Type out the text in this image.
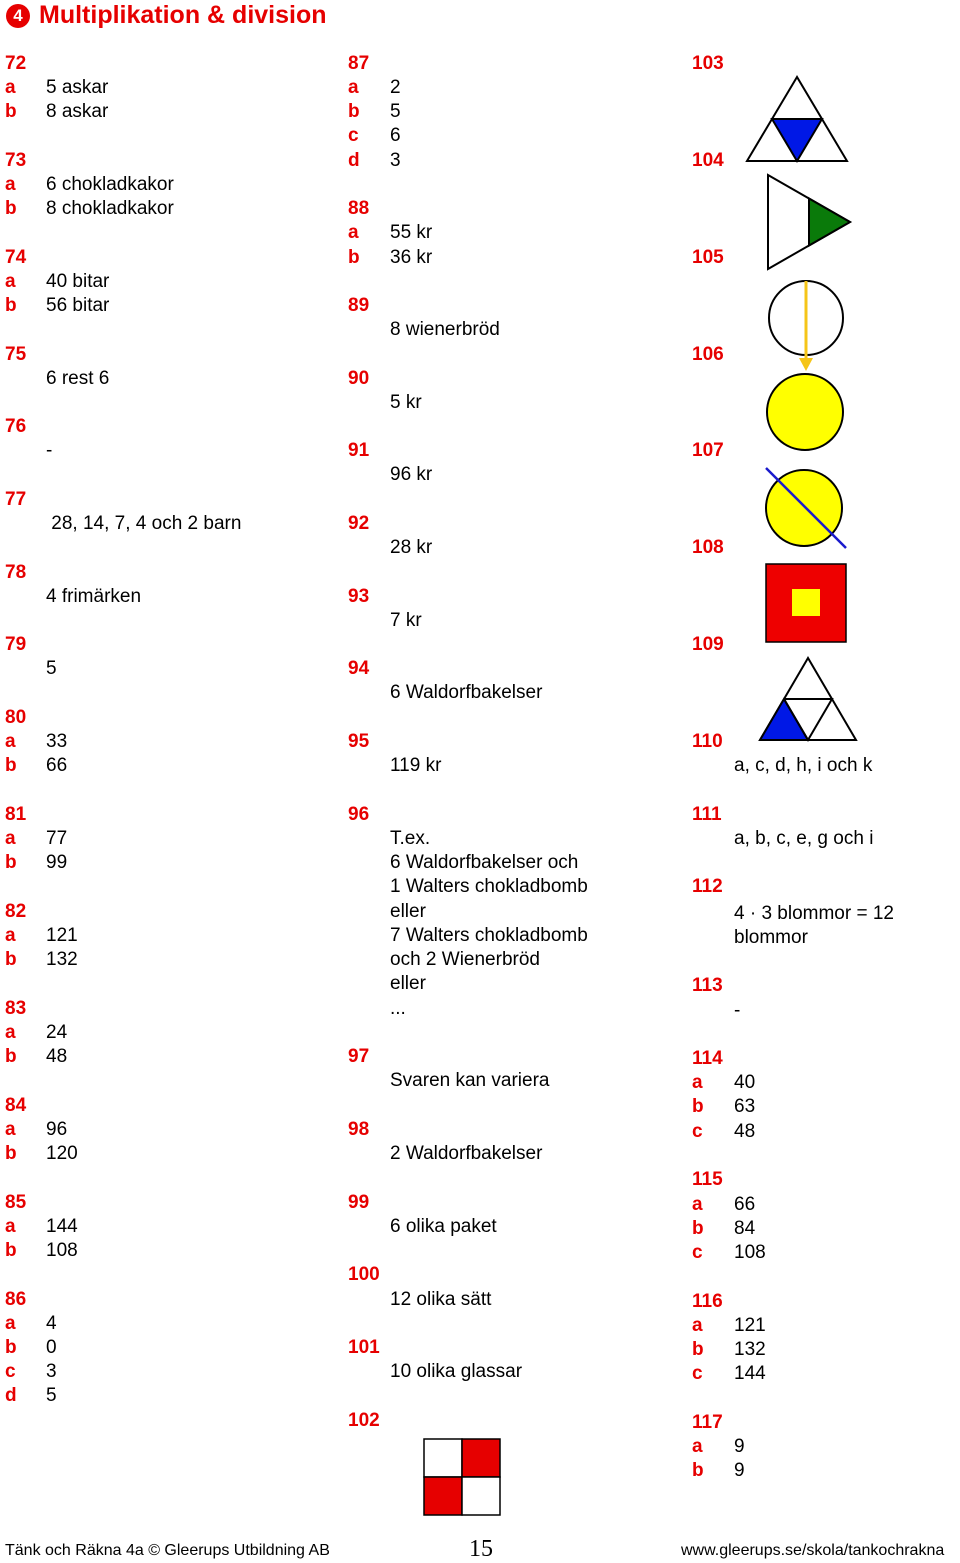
4 Multiplikation & division
72
a 5 askar
b 8 askar
73
a 6 chokladkakor
b 8 chokladkakor
74
a 40 bitar
b 56 bitar
75
6 rest 6
76
-
77
28, 14, 7, 4 och 2 barn
78
4 frimärken
79
5
80
a 33
b 66
81
a 77
b 99
82
a 121
b 132
83
a 24
b 48
84
a 96
b 120
85
a 144
b 108
86
a 4
b 0
c 3
d 5
87
a 2
b 5
c 6
d 3
88
a 55 kr
b 36 kr
89
8 wienerbröd
90
5 kr
91
96 kr
92
28 kr
93
7 kr
94
6 Waldorfbakelser
95
119 kr
96
T.ex.
6 Waldorfbakelser och
1 Walters chokladbomb
eller
7 Walters chokladbomb
och 2 Wienerbröd
eller
...
97
Svaren kan variera
98
2 Waldorfbakelser
99
6 olika paket
100
12 olika sätt
101
10 olika glassar
102
103
104
105
106
107
108
109
110
a, c, d, h, i och k
111
a, b, c, e, g och i
112
4 · 3 blommor = 12
blommor
113
-
114
a 40
b 63
c 48
115
a 66
b 84
c 108
116
a 121
b 132
c 144
117
a 9
b 9
Tänk och Räkna 4a © Gleerups Utbildning AB	15	www.gleerups.se/skola/tankochrakna
